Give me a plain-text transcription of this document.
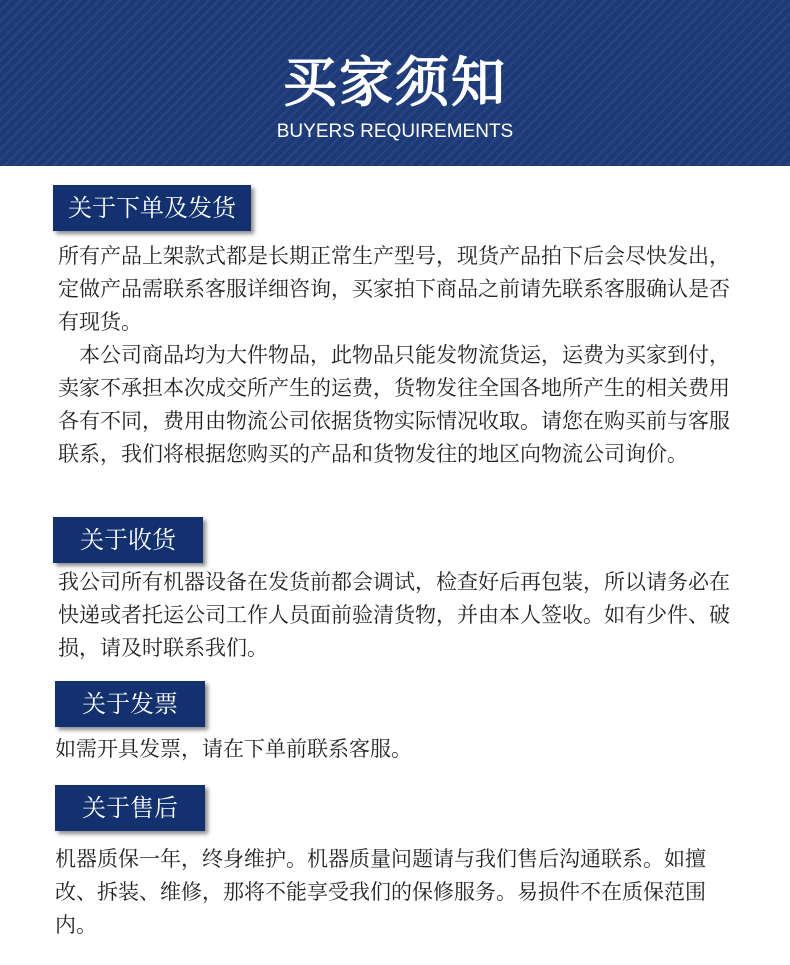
买家须知
BUYERS REQUIREMENTS
关于下单及发货

所有产品上架款式都是长期正常生产型号，现货产品拍下后会尽快发出，定做产品需联系客服详细咨询，买家拍下商品之前请先联系客服确认是否有现货。

本公司商品均为大件物品，此物品只能发物流货运，运费为买家到付，卖家不承担本次成交所产生的运费，货物发往全国各地所产生的相关费用各有不同，费用由物流公司依据货物实际情况收取。请您在购买前与客服联系，我们将根据您购买的产品和货物发往的地区向物流公司询价。

关于收货

我公司所有机器设备在发货前都会调试，检查好后再包装，所以请务必在快递或者托运公司工作人员面前验清货物，并由本人签收。如有少件、破损，请及时联系我们。

关于发票

如需开具发票，请在下单前联系客服。

关于售后

机器质保一年，终身维护。机器质量问题请与我们售后沟通联系。如擅改、拆装、维修，那将不能享受我们的保修服务。易损件不在质保范围内。
